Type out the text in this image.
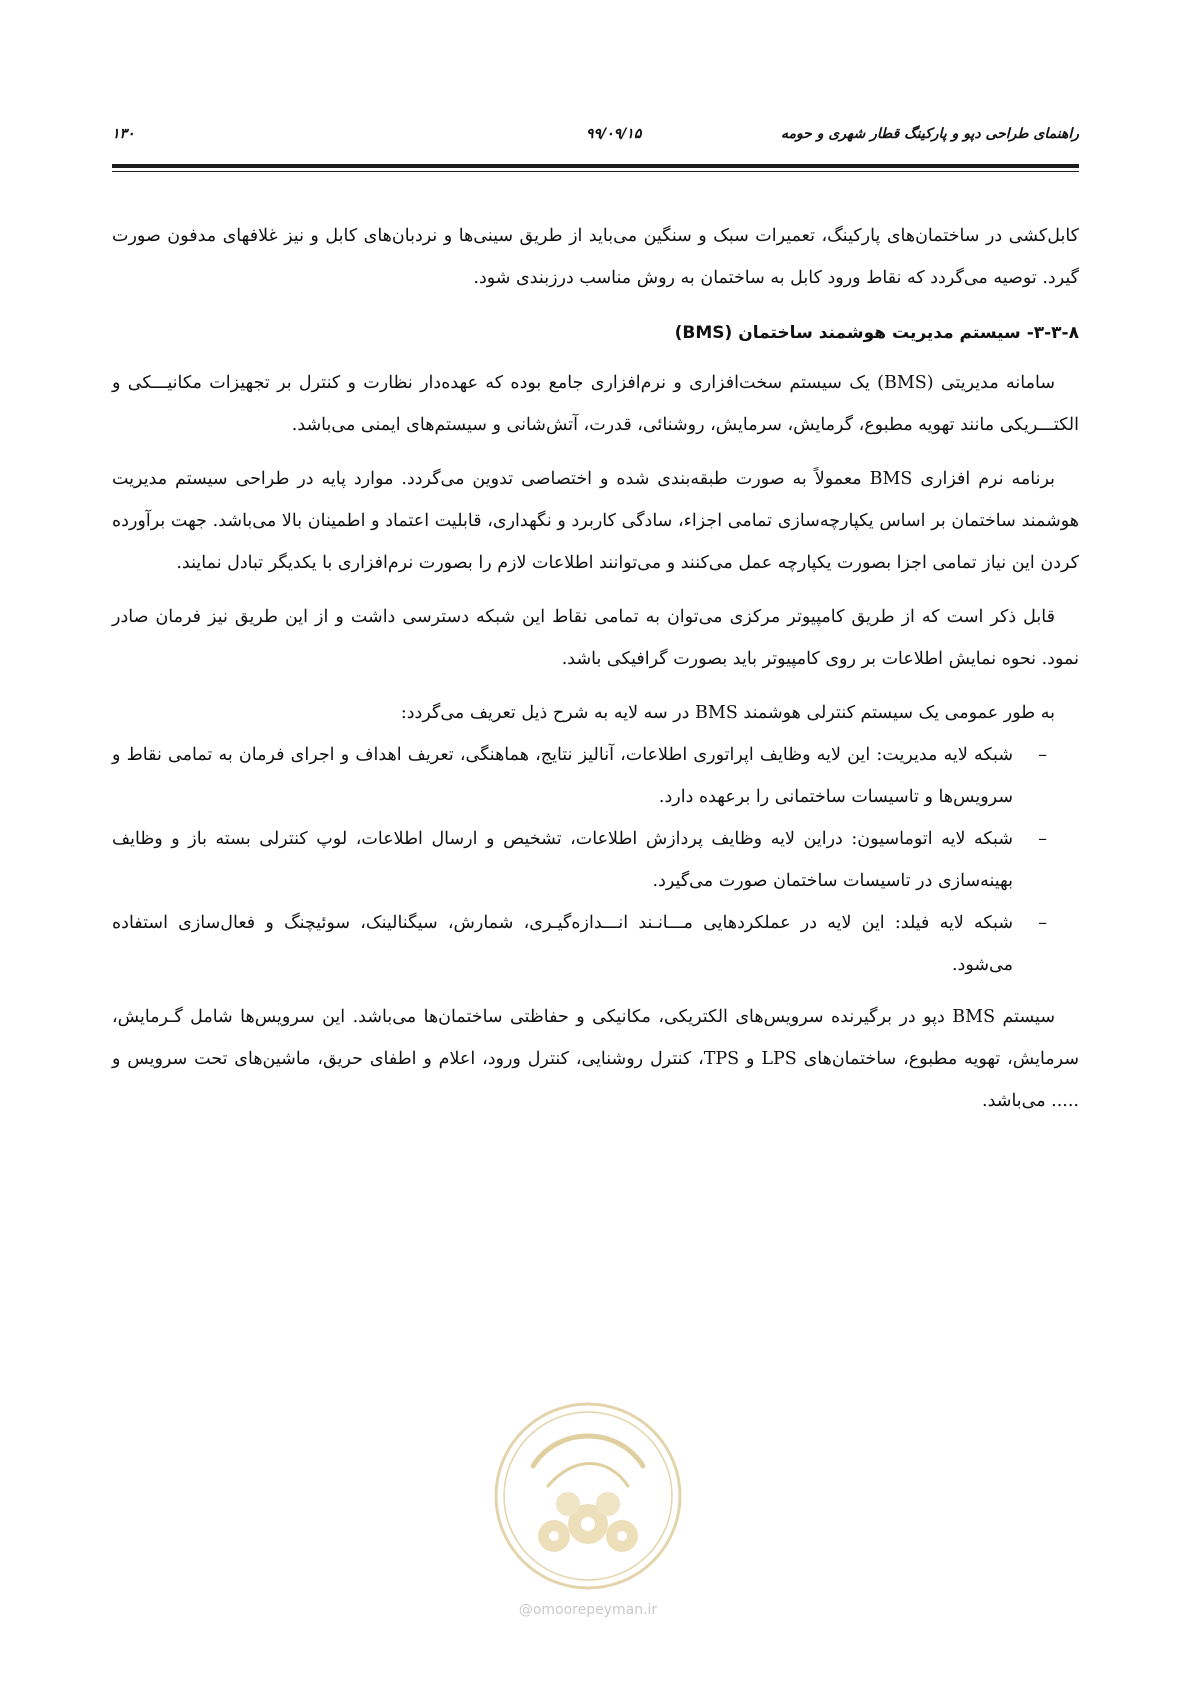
راهنمای طراحی دپو و پارکینگ قطار شهری و حومه
۹۹/۰۹/۱۵
۱۳۰

کابل‌کشی در ساختمان‌های پارکینگ، تعمیرات سبک و سنگین می‌باید از طریق سینی‌ها و نردبان‌های کابل و نیز غلافهای مدفون صورت گیرد. توصیه می‌گردد که نقاط ورود کابل به ساختمان به روش مناسب درزبندی شود.

۳-۳-۸- سیستم مدیریت هوشمند ساختمان (BMS)

سامانه مدیریتی (BMS) یک سیستم سخت‌افزاری و نرم‌افزاری جامع بوده که عهده‌دار نظارت و کنترل بر تجهیزات مکانیـــکی و الکتـــریکی مانند تهویه مطبوع، گرمایش، سرمایش، روشنائی، قدرت، آتش‌شانی و سیستم‌های ایمنی می‌باشد.

برنامه نرم افزاری BMS معمولاً به صورت طبقه‌بندی شده و اختصاصی تدوین می‌گردد. موارد پایه در طراحی سیستم مدیریت هوشمند ساختمان بر اساس یکپارچه‌سازی تمامی اجزاء، سادگی کاربرد و نگهداری، قابلیت اعتماد و اطمینان بالا می‌باشد. جهت برآورده کردن این نیاز تمامی اجزا بصورت یکپارچه عمل می‌کنند و می‌توانند اطلاعات لازم را بصورت نرم‌افزاری با یکدیگر تبادل نمایند.

قابل ذکر است که از طریق کامپیوتر مرکزی می‌توان به تمامی نقاط این شبکه دسترسی داشت و از این طریق نیز فرمان صادر نمود. نحوه نمایش اطلاعات بر روی کامپیوتر باید بصورت گرافیکی باشد.

به طور عمومی یک سیستم کنترلی هوشمند BMS در سه لایه به شرح ذیل تعریف می‌گردد:

–
شبکه لایه مدیریت: این لایه وظایف اپراتوری اطلاعات، آنالیز نتایج، هماهنگی، تعریف اهداف و اجرای فرمان به تمامی نقاط و سرویس‌ها و تاسیسات ساختمانی را برعهده دارد.
–
شبکه لایه اتوماسیون: دراین لایه وظایف پردازش اطلاعات، تشخیص و ارسال اطلاعات، لوپ کنترلی بسته باز و وظایف بهینه‌سازی در تاسیسات ساختمان صورت می‌گیرد.
–
شبکه لایه فیلد: این لایه در عملکردهایی مـــانـند انـــدازه‌گیـری، شمارش، سیگنالینک، سوئیچنگ و فعال‌سازی استفاده می‌شود.

سیستم BMS دپو در برگیرنده سرویس‌های الکتریکی، مکانیکی و حفاظتی ساختمان‌ها می‌باشد. این سرویس‌ها شامل گـرمایش، سرمایش، تهویه مطبوع، ساختمان‌های LPS و TPS، کنترل روشنایی، کنترل ورود، اعلام و اطفای حریق، ماشین‌های تحت سرویس و ..... می‌باشد.

@omoorepeyman.ir
